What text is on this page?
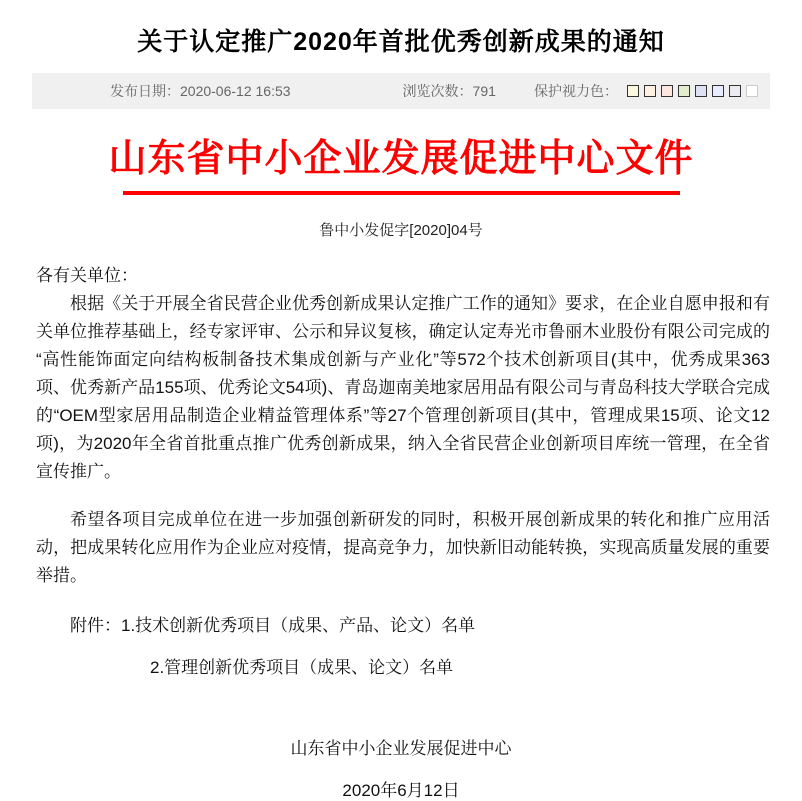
关于认定推广2020年首批优秀创新成果的通知
发布日期： 2020-06-12 16:53	浏览次数： 791	保护视力色：
山东省中小企业发展促进中心文件
鲁中小发促字[2020]04号

各有关单位：

根据《关于开展全省民营企业优秀创新成果认定推广工作的通知》要求，在企业自愿申报和有关单位推荐基础上，经专家评审、公示和异议复核，确定认定寿光市鲁丽木业股份有限公司完成的“高性能饰面定向结构板制备技术集成创新与产业化”等572个技术创新项目(其中，优秀成果363项、优秀新产品155项、优秀论文54项)、青岛迦南美地家居用品有限公司与青岛科技大学联合完成的“OEM型家居用品制造企业精益管理体系”等27个管理创新项目(其中，管理成果15项、论文12项)，为2020年全省首批重点推广优秀创新成果，纳入全省民营企业创新项目库统一管理，在全省宣传推广。

希望各项目完成单位在进一步加强创新研发的同时，积极开展创新成果的转化和推广应用活动，把成果转化应用作为企业应对疫情，提高竞争力，加快新旧动能转换，实现高质量发展的重要举措。

附件：1.技术创新优秀项目（成果、产品、论文）名单

2.管理创新优秀项目（成果、论文）名单

山东省中小企业发展促进中心
2020年6月12日
